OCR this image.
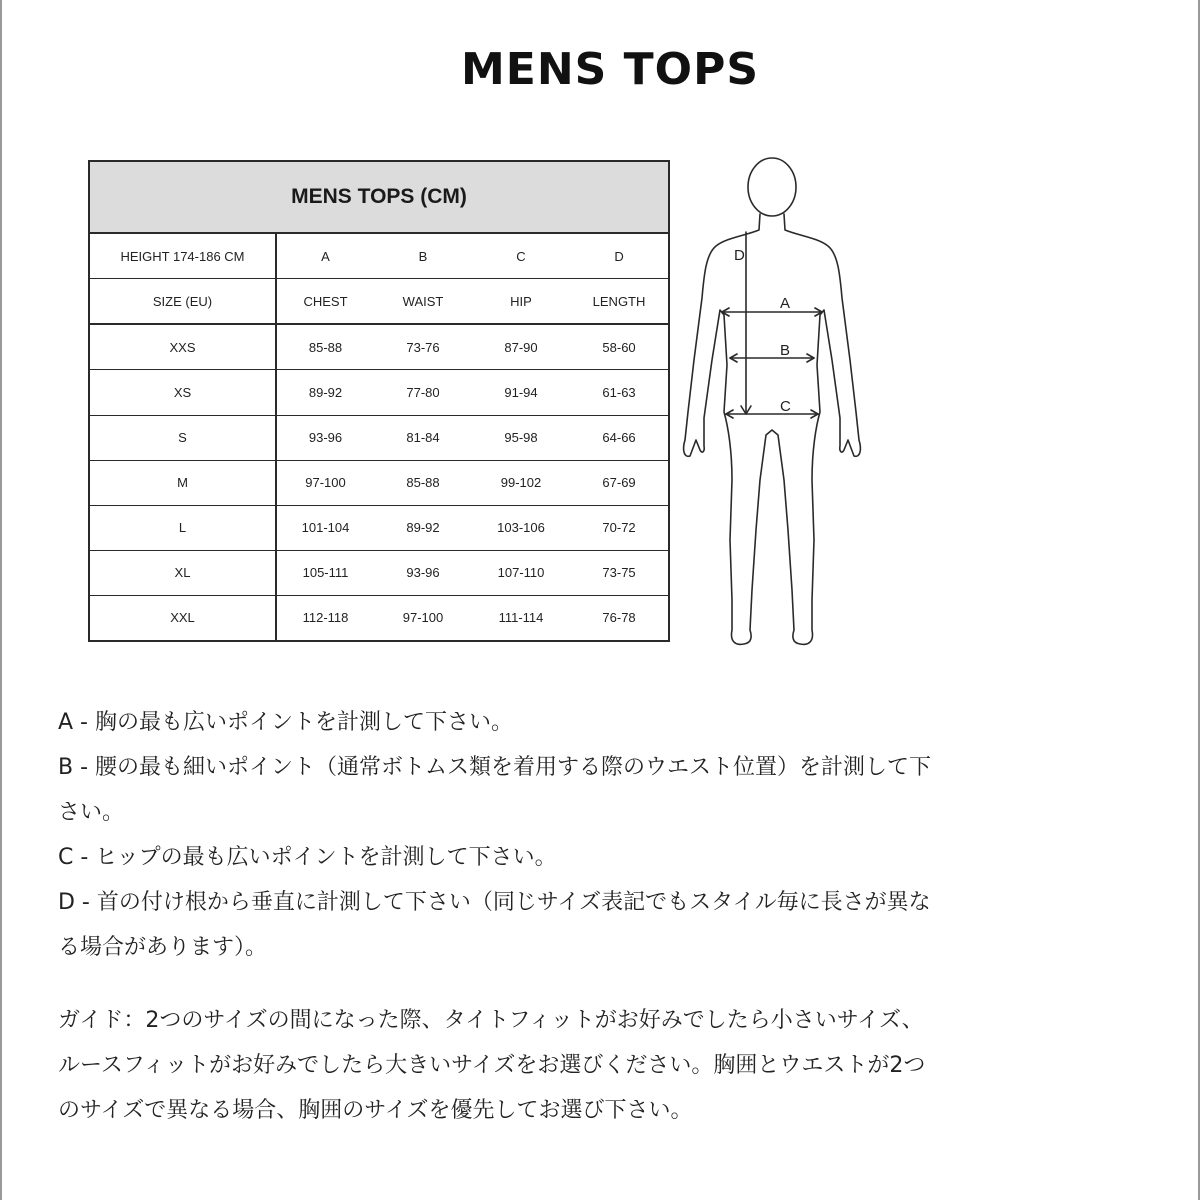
MENS TOPS
MENS TOPS (CM)				
HEIGHT 174-186 CM	A	B	C	D
SIZE (EU)	CHEST	WAIST	HIP	LENGTH
XXS	85-88	73-76	87-90	58-60
XS	89-92	77-80	91-94	61-63
S	93-96	81-84	95-98	64-66
M	97-100	85-88	99-102	67-69
L	101-104	89-92	103-106	70-72
XL	105-111	93-96	107-110	73-75
XXL	112-118	97-100	111-114	76-78
D
A
B
C
A - 胸の最も広いポイントを計測して下さい。
B - 腰の最も細いポイント（通常ボトムス類を着用する際のウエスト位置）を計測して下
さい。
C - ヒップの最も広いポイントを計測して下さい。
D - 首の付け根から垂直に計測して下さい（同じサイズ表記でもスタイル毎に長さが異な
る場合があります）。
ガイド：2つのサイズの間になった際、タイトフィットがお好みでしたら小さいサイズ、
ルースフィットがお好みでしたら大きいサイズをお選びください。胸囲とウエストが2つ
のサイズで異なる場合、胸囲のサイズを優先してお選び下さい。
